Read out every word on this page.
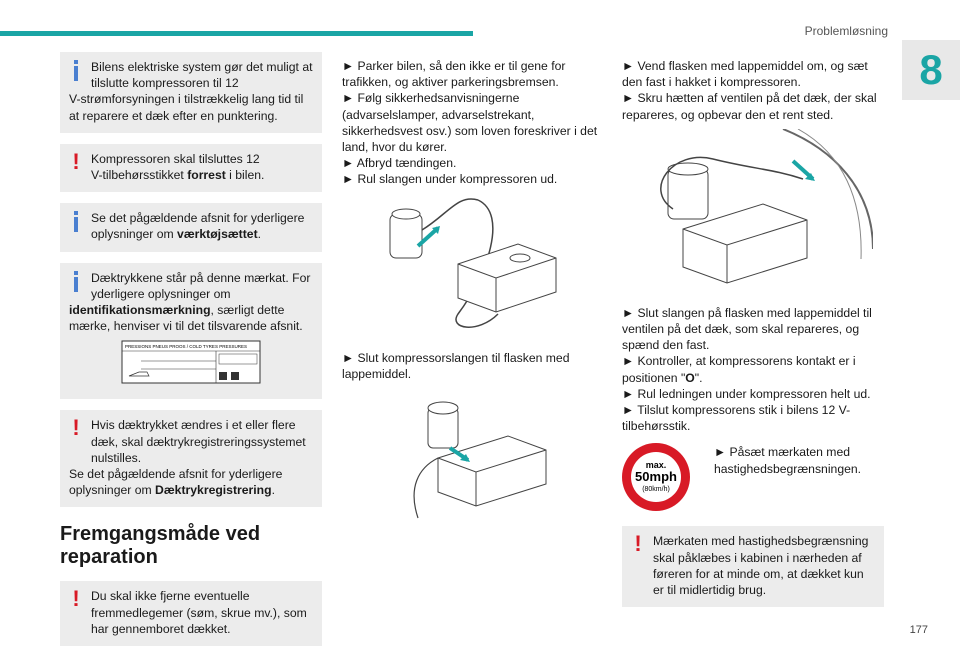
Problemløsning
8
177
Bilens elektriske system gør det muligt at tilslutte kompressoren til 12
V-strømforsyningen i tilstrækkelig lang tid til at reparere et dæk efter en punktering.
! Kompressoren skal tilsluttes 12
V-tilbehørsstikket forrest i bilen.
Se det pågældende afsnit for yderligere oplysninger om værktøjsættet.
Dæktrykkene står på denne mærkat. For yderligere oplysninger om
identifikationsmærkning, særligt dette mærke, henviser vi til det tilsvarende afsnit.
PRESSIONS PNEUS PROOS / COLD TYRES PRESSURES
! Hvis dæktrykket ændres i et eller flere dæk, skal dæktrykregistreringssystemet nulstilles.
Se det pågældende afsnit for yderligere oplysninger om Dæktrykregistrering.
Fremgangsmåde ved reparation
! Du skal ikke fjerne eventuelle fremmedlegemer (søm, skrue mv.), som har gennemboret dækket.
► Parker bilen, så den ikke er til gene for trafikken, og aktiver parkeringsbremsen.
► Følg sikkerhedsanvisningerne (advarselslamper, advarselstrekant, sikkerhedsvest osv.) som loven foreskriver i det land, hvor du kører.
► Afbryd tændingen.
► Rul slangen under kompressoren ud.
► Slut kompressorslangen til flasken med lappemiddel.
► Vend flasken med lappemiddel om, og sæt den fast i hakket i kompressoren.
► Skru hætten af ventilen på det dæk, der skal repareres, og opbevar den et rent sted.
► Slut slangen på flasken med lappemiddel til ventilen på det dæk, som skal repareres, og spænd den fast.
► Kontroller, at kompressorens kontakt er i positionen "O".
► Rul ledningen under kompressoren helt ud.
► Tilslut kompressorens stik i bilens 12 V-tilbehørsstik.
max.
50mph
(80km/h)
► Påsæt mærkaten med hastighedsbegrænsningen.
! Mærkaten med hastighedsbegrænsning skal påklæbes i kabinen i nærheden af føreren for at minde om, at dækket kun er til midlertidig brug.
